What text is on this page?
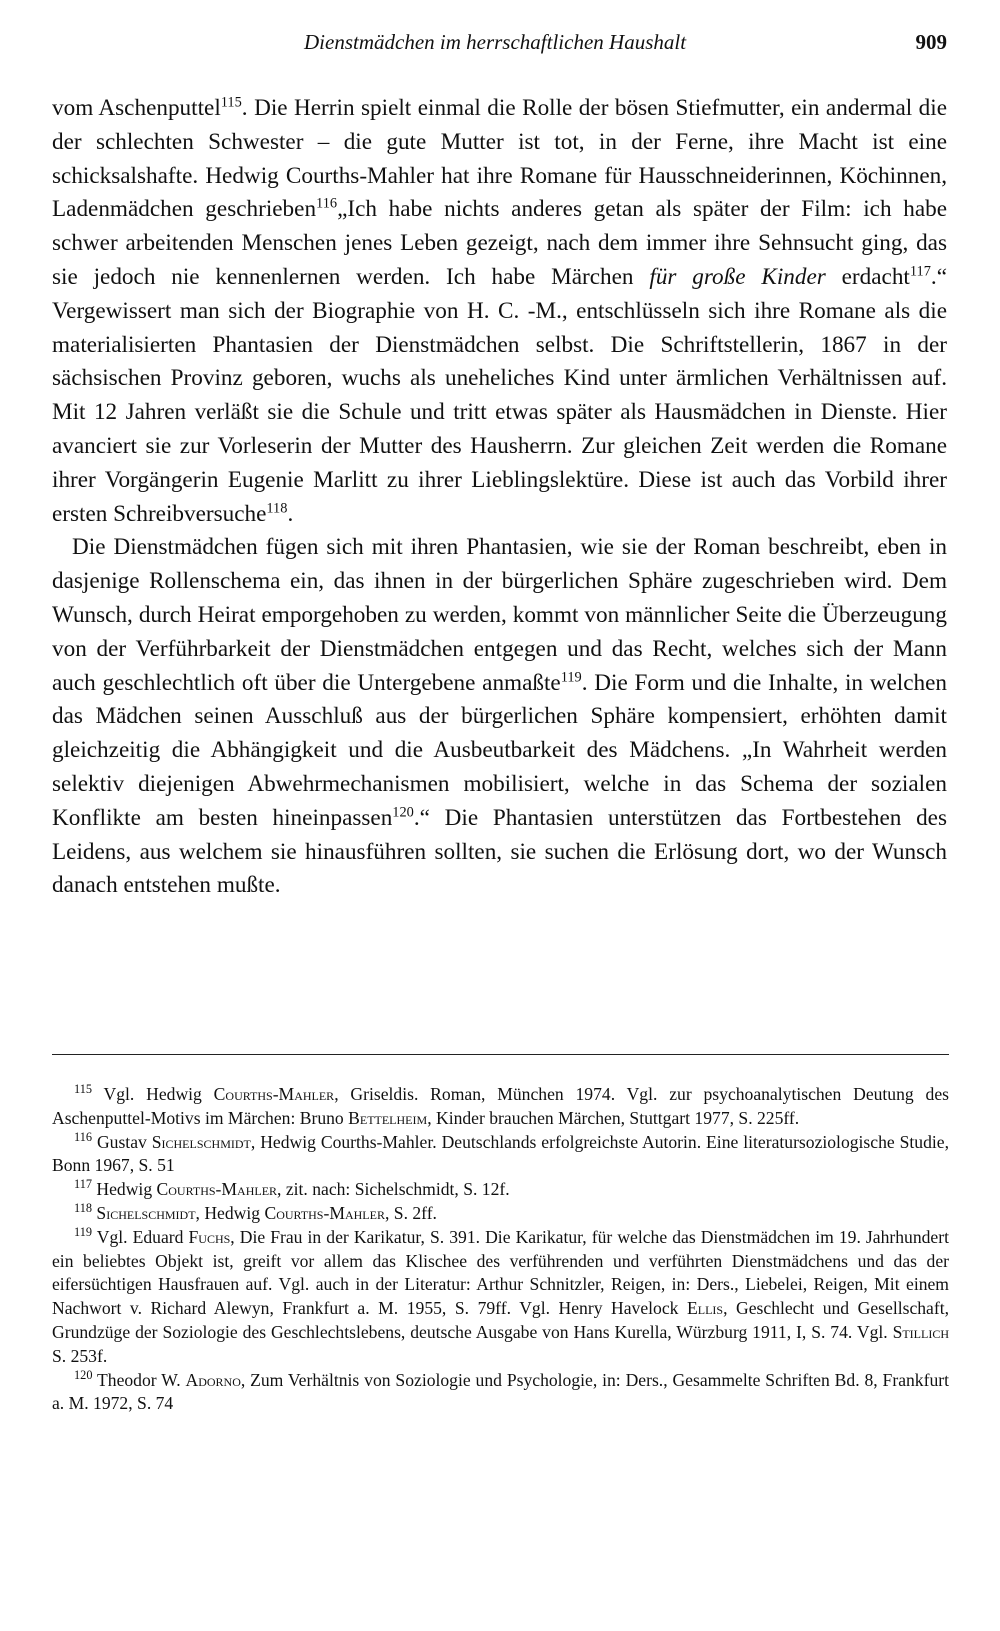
Dienstmädchen im herrschaftlichen Haushalt	909

vom Aschenputtel$^{115}$. Die Herrin spielt einmal die Rolle der bösen Stiefmutter, ein andermal die der schlechten Schwester – die gute Mutter ist tot, in der Ferne, ihre Macht ist eine schicksalshafte. Hedwig Courths-Mahler hat ihre Romane für Hausschneiderinnen, Köchinnen, Ladenmädchen geschrieben$^{116}$„Ich habe nichts anderes getan als später der Film: ich habe schwer arbeitenden Menschen jenes Leben gezeigt, nach dem immer ihre Sehnsucht ging, das sie jedoch nie kennenlernen werden. Ich habe Märchen für große Kinder erdacht$^{117}$.“ Vergewissert man sich der Biographie von H. C. -M., entschlüsseln sich ihre Romane als die materialisierten Phantasien der Dienstmädchen selbst. Die Schriftstellerin, 1867 in der sächsischen Provinz geboren, wuchs als uneheliches Kind unter ärmlichen Verhältnissen auf. Mit 12 Jahren verläßt sie die Schule und tritt etwas später als Hausmädchen in Dienste. Hier avanciert sie zur Vorleserin der Mutter des Hausherrn. Zur gleichen Zeit werden die Romane ihrer Vorgängerin Eugenie Marlitt zu ihrer Lieblingslektüre. Diese ist auch das Vorbild ihrer ersten Schreibversuche$^{118}$.

Die Dienstmädchen fügen sich mit ihren Phantasien, wie sie der Roman beschreibt, eben in dasjenige Rollenschema ein, das ihnen in der bürgerlichen Sphäre zugeschrieben wird. Dem Wunsch, durch Heirat emporgehoben zu werden, kommt von männlicher Seite die Überzeugung von der Verführbarkeit der Dienstmädchen entgegen und das Recht, welches sich der Mann auch geschlechtlich oft über die Untergebene anmaßte$^{119}$. Die Form und die Inhalte, in welchen das Mädchen seinen Ausschluß aus der bürgerlichen Sphäre kompensiert, erhöhten damit gleichzeitig die Abhängigkeit und die Ausbeutbarkeit des Mädchens. „In Wahrheit werden selektiv diejenigen Abwehrmechanismen mobilisiert, welche in das Schema der sozialen Konflikte am besten hineinpassen$^{120}$.“ Die Phantasien unterstützen das Fortbestehen des Leidens, aus welchem sie hinausführen sollten, sie suchen die Erlösung dort, wo der Wunsch danach entstehen mußte.

$^{115}$ Vgl. Hedwig Courths-Mahler, Griseldis. Roman, München 1974. Vgl. zur psychoanalytischen Deutung des Aschenputtel-Motivs im Märchen: Bruno Bettelheim, Kinder brauchen Märchen, Stuttgart 1977, S. 225ff.

$^{116}$ Gustav Sichelschmidt, Hedwig Courths-Mahler. Deutschlands erfolgreichste Autorin. Eine literatursoziologische Studie, Bonn 1967, S. 51

$^{117}$ Hedwig Courths-Mahler, zit. nach: Sichelschmidt, S. 12f.

$^{118}$ Sichelschmidt, Hedwig Courths-Mahler, S. 2ff.

$^{119}$ Vgl. Eduard Fuchs, Die Frau in der Karikatur, S. 391. Die Karikatur, für welche das Dienstmädchen im 19. Jahrhundert ein beliebtes Objekt ist, greift vor allem das Klischee des verführenden und verführten Dienstmädchens und das der eifersüchtigen Hausfrauen auf. Vgl. auch in der Literatur: Arthur Schnitzler, Reigen, in: Ders., Liebelei, Reigen, Mit einem Nachwort v. Richard Alewyn, Frankfurt a. M. 1955, S. 79ff. Vgl. Henry Havelock Ellis, Geschlecht und Gesellschaft, Grundzüge der Soziologie des Geschlechtslebens, deutsche Ausgabe von Hans Kurella, Würzburg 1911, I, S. 74. Vgl. Stillich S. 253f.

$^{120}$ Theodor W. Adorno, Zum Verhältnis von Soziologie und Psychologie, in: Ders., Gesammelte Schriften Bd. 8, Frankfurt a. M. 1972, S. 74
